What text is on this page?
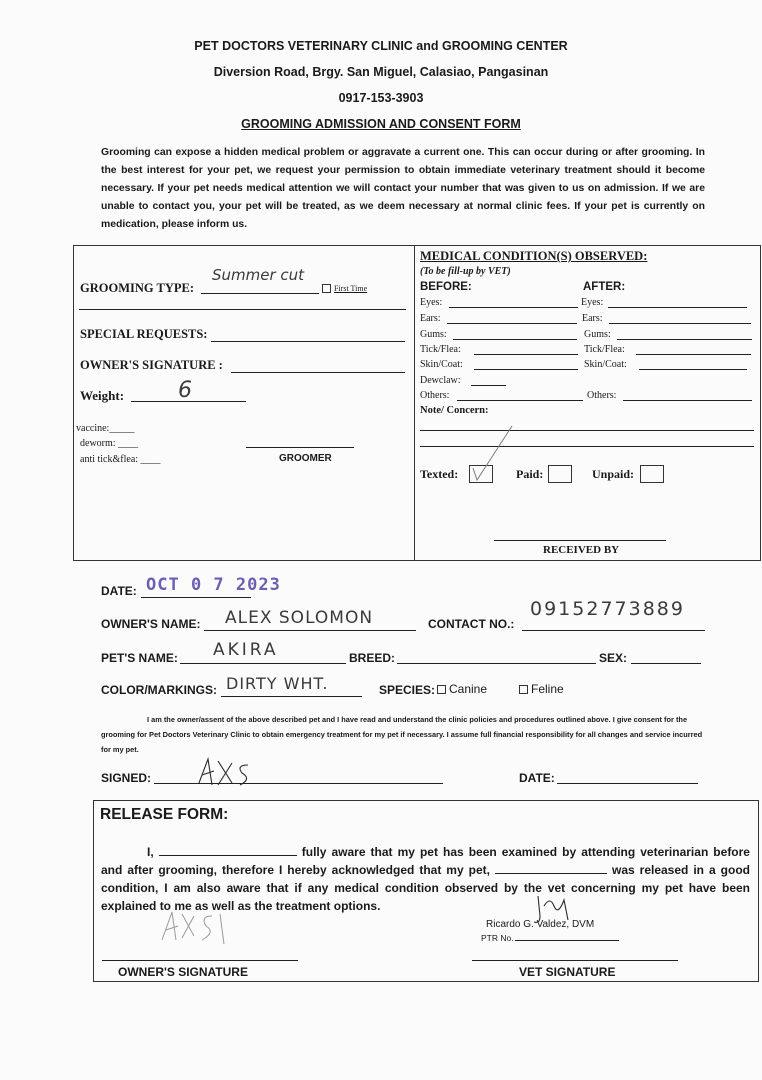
PET DOCTORS VETERINARY CLINIC and GROOMING CENTER
Diversion Road, Brgy. San Miguel, Calasiao, Pangasinan
0917-153-3903
GROOMING ADMISSION AND CONSENT FORM
Grooming can expose a hidden medical problem or aggravate a current one. This can occur during or after grooming. In the best interest for your pet, we request your permission to obtain immediate veterinary treatment should it become necessary. If your pet needs medical attention we will contact your number that was given to us on admission. If we are unable to contact you, your pet will be treated, as we deem necessary at normal clinic fees. If your pet is currently on medication, please inform us.
GROOMING TYPE:
Summer cut
First Time
SPECIAL REQUESTS:
OWNER'S SIGNATURE :
Weight: 6
vaccine:_____
deworm: ____
anti tick&flea: ____	GROOMER
MEDICAL CONDITION(S) OBSERVED:
(To be fill-up by VET)
BEFORE:	AFTER:
Eyes:	Eyes:
Ears:	Ears:
Gums:	Gums:
Tick/Flea:	Tick/Flea:
Skin/Coat:	Skin/Coat:
Dewclaw:
Others:	Others:
Note/ Concern:
Texted:	Paid:	Unpaid:
RECEIVED BY
DATE: OCT 0 7 2023
OWNER'S NAME: ALEX SOLOMON	CONTACT NO.:
09152773889
PET'S NAME: AKIRA	BREED:	SEX:
COLOR/MARKINGS: DIRTY WHT.	SPECIES:	Canine	Feline
I am the owner/assent of the above described pet and I have read and understand the clinic policies and procedures outlined above. I give consent for the grooming for Pet Doctors Veterinary Clinic to obtain emergency treatment for my pet if necessary. I assume full financial responsibility for all changes and service incurred for my pet.
SIGNED:	DATE:
RELEASE FORM:
I,	fully aware that my pet has been examined by attending veterinarian before and after grooming, therefore I hereby acknowledged that my pet,	was released in a good condition, I am also aware that if any medical condition observed by the vet concerning my pet have been explained to me as well as the treatment options.
Ricardo G. Valdez, DVM
PTR No.
OWNER'S SIGNATURE	VET SIGNATURE
